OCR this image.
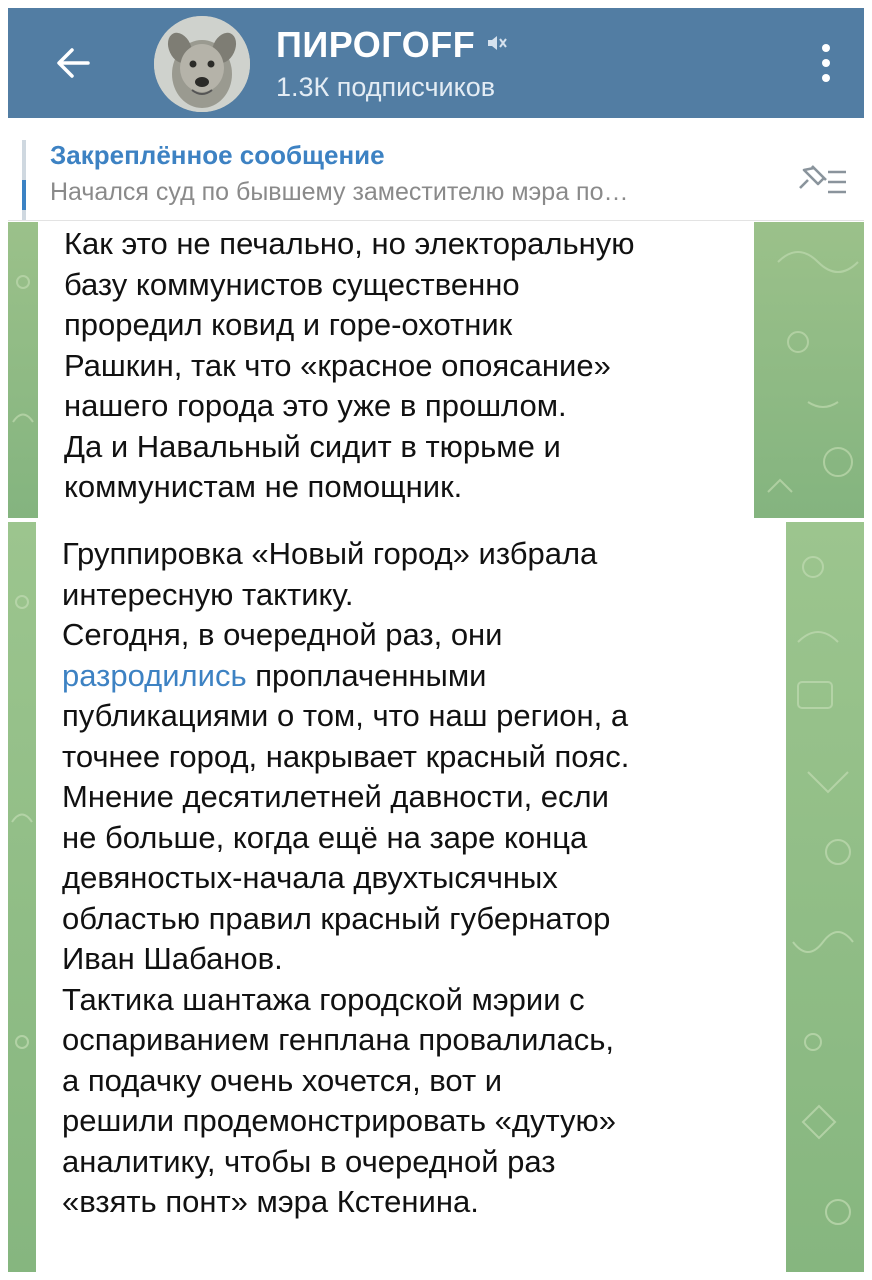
ПИРОГОFF
1.3К подписчиков
Закреплённое сообщение
Начался суд по бывшему заместителю мэра по…
Как это не печально, но электоральную
базу коммунистов существенно
проредил ковид и горе-охотник
Рашкин, так что «красное опоясание»
нашего города это уже в прошлом.
Да и Навальный сидит в тюрьме и
коммунистам не помощник.
Группировка «Новый город» избрала
интересную тактику.
Сегодня, в очередной раз, они
разродились проплаченными
публикациями о том, что наш регион, а
точнее город, накрывает красный пояс.
Мнение десятилетней давности, если
не больше, когда ещё на заре конца
девяностых-начала двухтысячных
областью правил красный губернатор
Иван Шабанов.
Тактика шантажа городской мэрии с
оспариванием генплана провалилась,
а подачку очень хочется, вот и
решили продемонстрировать «дутую»
аналитику, чтобы в очередной раз
«взять понт» мэра Кстенина.
